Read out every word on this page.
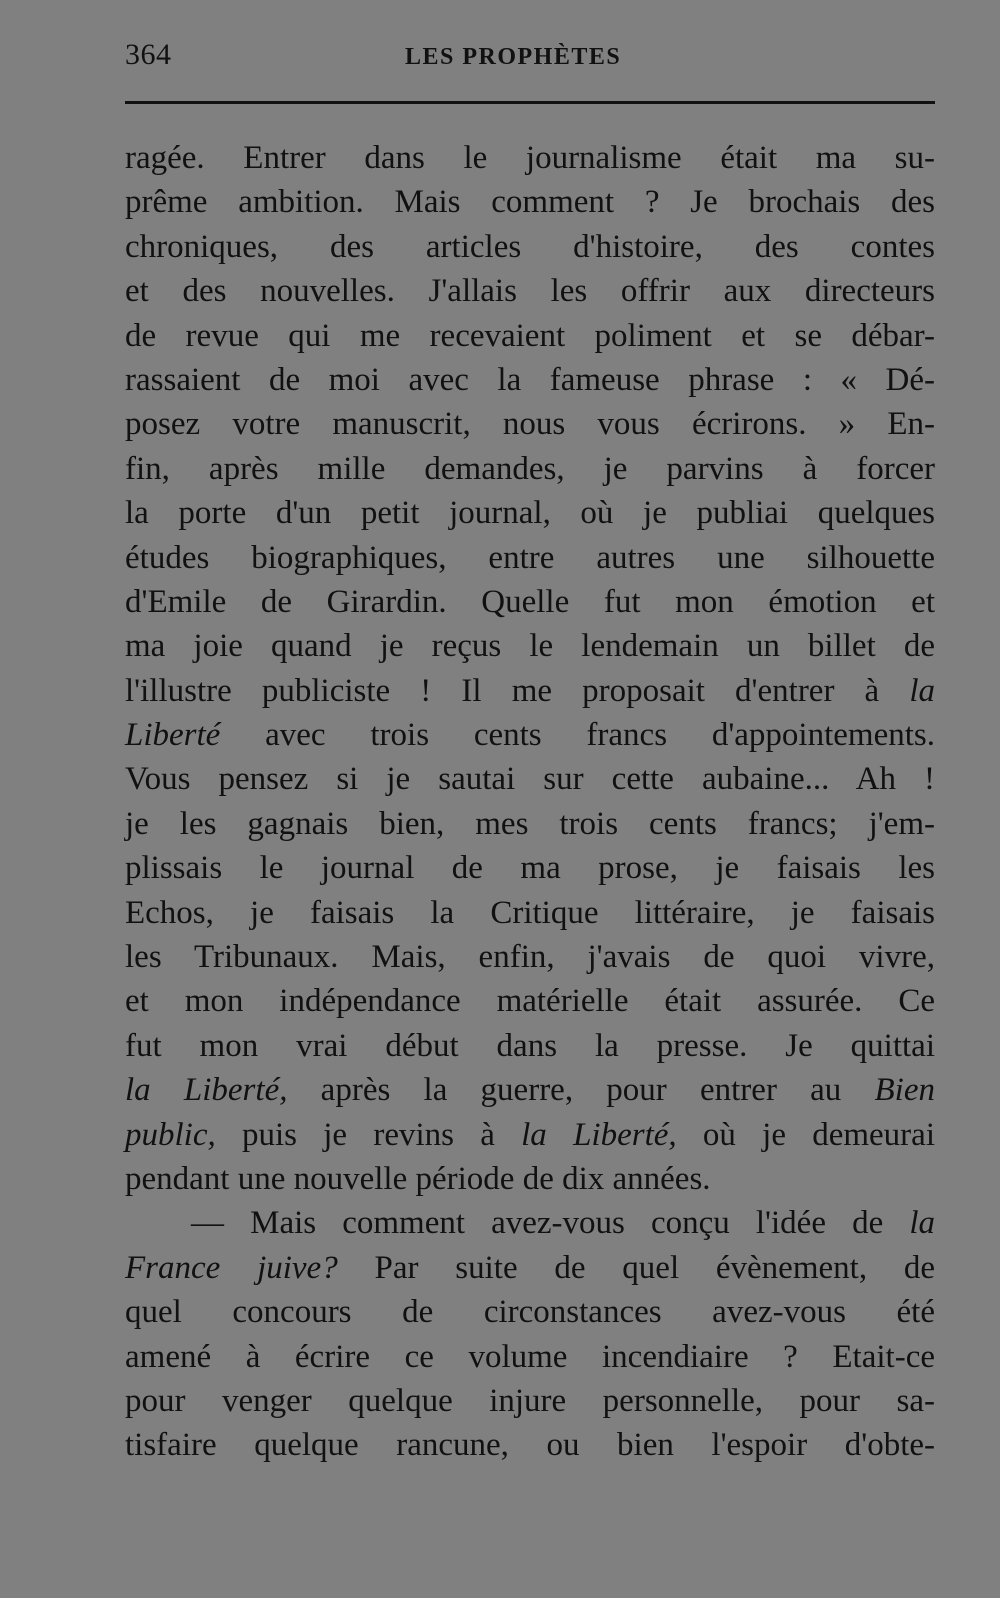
364	LES PROPHÈTES
ragée. Entrer dans le journalisme était ma su-
prême ambition. Mais comment ? Je brochais des
chroniques, des articles d'histoire, des contes
et des nouvelles. J'allais les offrir aux directeurs
de revue qui me recevaient poliment et se débar-
rassaient de moi avec la fameuse phrase : « Dé-
posez votre manuscrit, nous vous écrirons. » En-
fin, après mille demandes, je parvins à forcer
la porte d'un petit journal, où je publiai quelques
études biographiques, entre autres une silhouette
d'Emile de Girardin. Quelle fut mon émotion et
ma joie quand je reçus le lendemain un billet de
l'illustre publiciste ! Il me proposait d'entrer à la
Liberté avec trois cents francs d'appointements.
Vous pensez si je sautai sur cette aubaine... Ah !
je les gagnais bien, mes trois cents francs; j'em-
plissais le journal de ma prose, je faisais les
Echos, je faisais la Critique littéraire, je faisais
les Tribunaux. Mais, enfin, j'avais de quoi vivre,
et mon indépendance matérielle était assurée. Ce
fut mon vrai début dans la presse. Je quittai
la Liberté, après la guerre, pour entrer au Bien
public, puis je revins à la Liberté, où je demeurai
pendant une nouvelle période de dix années.
  — Mais comment avez-vous conçu l'idée de la
France juive? Par suite de quel évènement, de
quel concours de circonstances avez-vous été
amené à écrire ce volume incendiaire ? Etait-ce
pour venger quelque injure personnelle, pour sa-
tisfaire quelque rancune, ou bien l'espoir d'obte-
